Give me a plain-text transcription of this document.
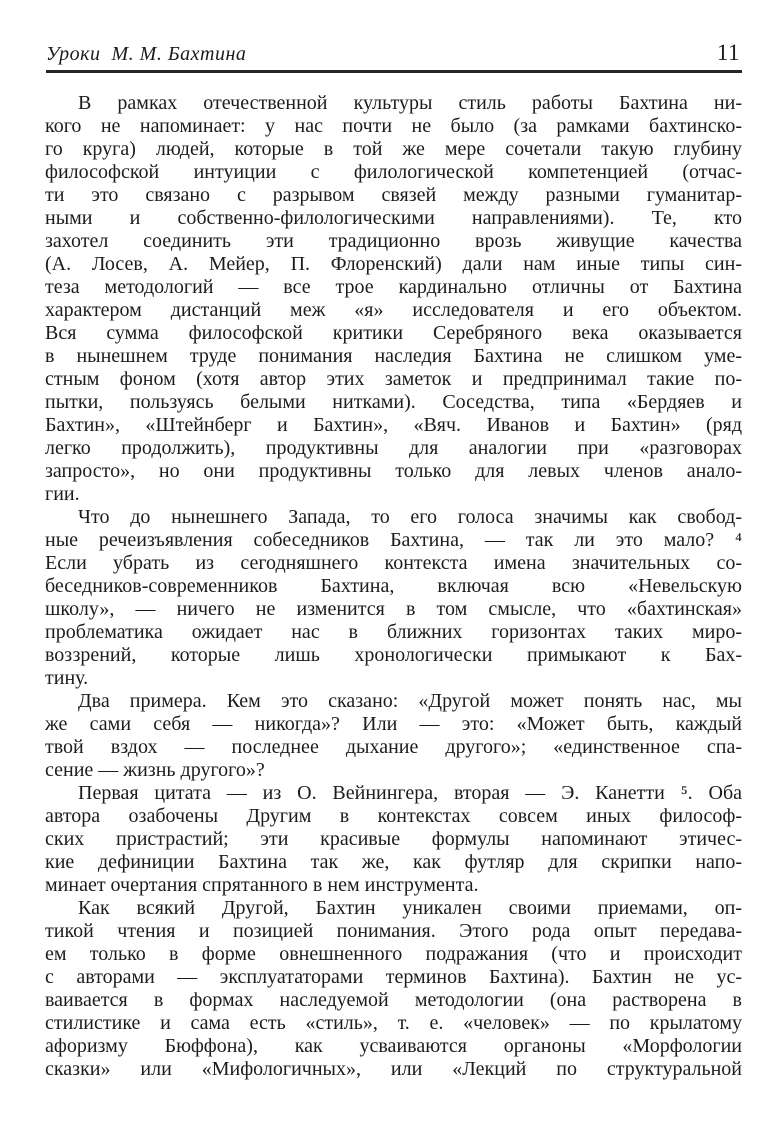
Уроки  М. М. Бахтина	11
В рамках отечественной культуры стиль работы Бахтина ни-
кого не напоминает: у нас почти не было (за рамками бахтинско-
го круга) людей, которые в той же мере сочетали такую глубину
философской интуиции с филологической компетенцией (отчас-
ти это связано с разрывом связей между разными гуманитар-
ными и собственно-филологическими направлениями). Те, кто
захотел соединить эти традиционно врозь живущие качества
(А. Лосев, А. Мейер, П. Флоренский) дали нам иные типы син-
теза методологий — все трое кардинально отличны от Бахтина
характером дистанций меж «я» исследователя и его объектом.
Вся сумма философской критики Серебряного века оказывается
в нынешнем труде понимания наследия Бахтина не слишком уме-
стным фоном (хотя автор этих заметок и предпринимал такие по-
пытки, пользуясь белыми нитками). Соседства, типа «Бердяев и
Бахтин», «Штейнберг и Бахтин», «Вяч. Иванов и Бахтин» (ряд
легко продолжить), продуктивны для аналогии при «разговорах
запросто», но они продуктивны только для левых членов анало-
гии.
Что до нынешнего Запада, то его голоса значимы как свобод-
ные речеизъявления собеседников Бахтина, — так ли это мало? ⁴
Если убрать из сегодняшнего контекста имена значительных со-
беседников-современников Бахтина, включая всю «Невельскую
школу», — ничего не изменится в том смысле, что «бахтинская»
проблематика ожидает нас в ближних горизонтах таких миро-
воззрений, которые лишь хронологически примыкают к Бах-
тину.
Два примера. Кем это сказано: «Другой может понять нас, мы
же сами себя — никогда»? Или — это: «Может быть, каждый
твой вздох — последнее дыхание другого»; «единственное спа-
сение — жизнь другого»?
Первая цитата — из О. Вейнингера, вторая — Э. Канетти ⁵. Оба
автора озабочены Другим в контекстах совсем иных философ-
ских пристрастий; эти красивые формулы напоминают этичес-
кие дефиниции Бахтина так же, как футляр для скрипки напо-
минает очертания спрятанного в нем инструмента.
Как всякий Другой, Бахтин уникален своими приемами, оп-
тикой чтения и позицией понимания. Этого рода опыт передава-
ем только в форме овнешненного подражания (что и происходит
с авторами — эксплуататорами терминов Бахтина). Бахтин не ус-
ваивается в формах наследуемой методологии (она растворена в
стилистике и сама есть «стиль», т. е. «человек» — по крылатому
афоризму Бюффона), как усваиваются органоны «Морфологии
сказки» или «Мифологичных», или «Лекций по структуральной
